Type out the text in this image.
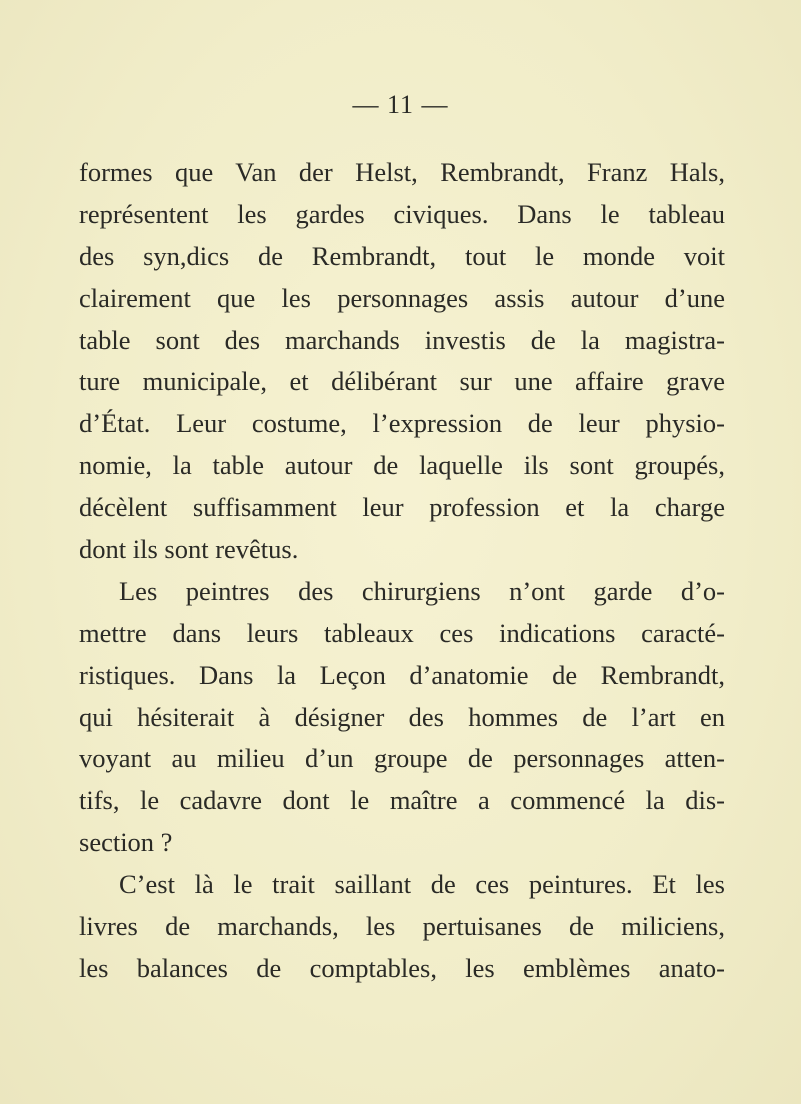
— 11 —
formes que Van der Helst, Rembrandt, Franz Hals,
représentent les gardes civiques. Dans le tableau
des syn,dics de Rembrandt, tout le monde voit
clairement que les personnages assis autour d’une
table sont des marchands investis de la magistra-
ture municipale, et délibérant sur une affaire grave
d’État. Leur costume, l’expression de leur physio-
nomie, la table autour de laquelle ils sont groupés,
décèlent suffisamment leur profession et la charge
dont ils sont revêtus.
Les peintres des chirurgiens n’ont garde d’o-
mettre dans leurs tableaux ces indications caracté-
ristiques. Dans la Leçon d’anatomie de Rembrandt,
qui hésiterait à désigner des hommes de l’art en
voyant au milieu d’un groupe de personnages atten-
tifs, le cadavre dont le maître a commencé la dis-
section ?
C’est là le trait saillant de ces peintures. Et les
livres de marchands, les pertuisanes de miliciens,
les balances de comptables, les emblèmes anato-
